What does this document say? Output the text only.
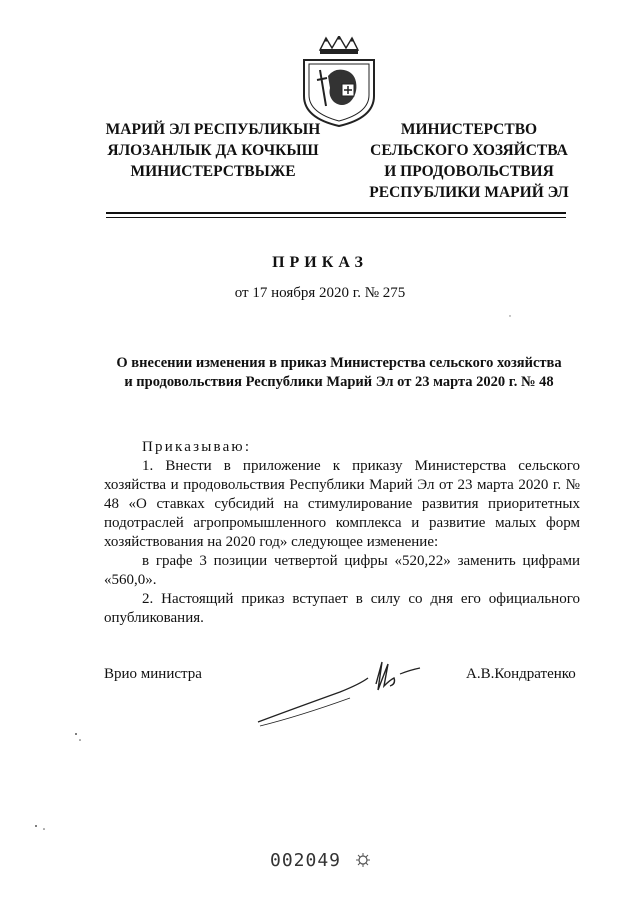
МАРИЙ ЭЛ РЕСПУБЛИКЫН
ЯЛОЗАНЛЫК ДА КОЧКЫШ
МИНИСТЕРСТВЫЖЕ
МИНИСТЕРСТВО
СЕЛЬСКОГО ХОЗЯЙСТВА
И ПРОДОВОЛЬСТВИЯ
РЕСПУБЛИКИ МАРИЙ ЭЛ
ПРИКАЗ
от 17 ноября 2020 г. № 275
О внесении изменения в приказ Министерства сельского хозяйства
и продовольствия Республики Марий Эл от 23 марта 2020 г. № 48

Приказываю:

1. Внести в приложение к приказу Министерства сельского хозяйства и продовольствия Республики Марий Эл от 23 марта 2020 г. № 48 «О ставках субсидий на стимулирование развития приоритетных подотраслей агропромышленного комплекса и развитие малых форм хозяйствования на 2020 год» следующее изменение:

в графе 3 позиции четвертой цифры «520,22» заменить цифрами «560,0».

2. Настоящий приказ вступает в силу со дня его официального опубликования.

Врио министра	А.В.Кондратенко
002049
